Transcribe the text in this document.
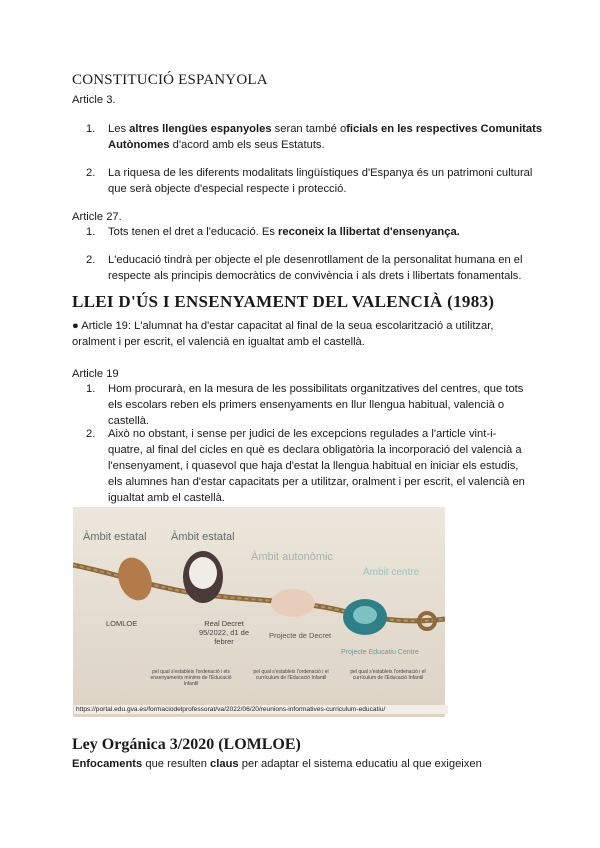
CONSTITUCIÓ ESPANYOLA
Article 3.
1. Les altres llengües espanyoles seran també oficials en les respectives Comunitats Autònomes d'acord amb els seus Estatuts.
2. La riquesa de les diferents modalitats lingüístiques d'Espanya és un patrimoni cultural que serà objecte d'especial respecte i protecció.
Article 27.
1. Tots tenen el dret a l'educació. Es reconeix la llibertat d'ensenyança.
2. L'educació tindrà per objecte el ple desenrotllament de la personalitat humana en el respecte als principis democràtics de convivència i als drets i llibertats fonamentals.
LLEI D'ÚS I ENSENYAMENT DEL VALENCIÀ (1983)
● Article 19: L'alumnat ha d'estar capacitat al final de la seua escolarització a utilitzar, oralment i per escrit, el valencià en igualtat amb el castellà.
Article 19
1. Hom procurarà, en la mesura de les possibilitats organitzatives del centres, que tots els escolars reben els primers ensenyaments en llur llengua habitual, valencià o castellà.
2. Això no obstant, i sense per judici de les excepcions regulades a l'article vint-i-quatre, al final del cicles en què es declara obligatòria la incorporació del valencià a l'ensenyament, i quasevol que haja d'estat la llengua habitual en iniciar els estudis, els alumnes han d'estar capacitats per a utilitzar, oralment i per escrit, el valencià en igualtat amb el castellà.
Àmbit estatal Àmbit estatal
Àmbit autonòmic
Àmbit centre
LOMLOE	Real Decret 95/2022, d1 de febrer
Projecte de Decret
Projecte Educatiu Centre
pel qual s'estableix l'ordenació i els ensenyaments mínims de l'Educació Infantil
pel qual s'estableix l'ordenació i el currículum de l'Educació Infantil
pel qual s'estableix l'ordenació i el currículum de l'Educació Infantil
https://portal.edu.gva.es/formaciodelprofessorat/va/2022/06/20/reunions-informatives-curriculum-educatiu/
Ley Orgánica 3/2020 (LOMLOE)
Enfocaments que resulten claus per adaptar el sistema educatiu al que exigeixen
